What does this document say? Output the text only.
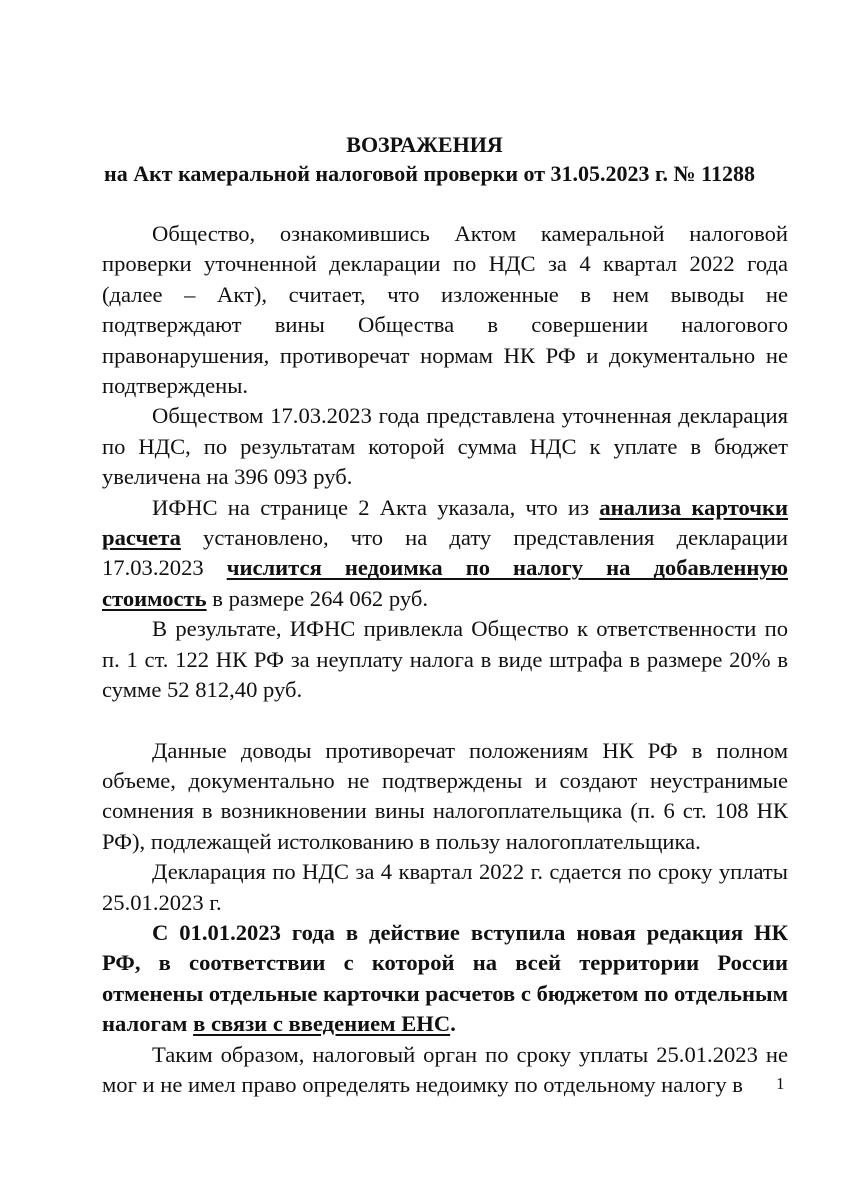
ВОЗРАЖЕНИЯ
на Акт камеральной налоговой проверки от 31.05.2023 г. № 11288

Общество, ознакомившись Актом камеральной налоговой проверки уточненной декларации по НДС за 4 квартал 2022 года (далее – Акт), считает, что изложенные в нем выводы не подтверждают вины Общества в совершении налогового правонарушения, противоречат нормам НК РФ и документально не подтверждены.

Обществом 17.03.2023 года представлена уточненная декларация по НДС, по результатам которой сумма НДС к уплате в бюджет увеличена на 396 093 руб.

ИФНС на странице 2 Акта указала, что из анализа карточки расчета установлено, что на дату представления декларации 17.03.2023 числится недоимка по налогу на добавленную стоимость в размере 264 062 руб.

В результате, ИФНС привлекла Общество к ответственности по п. 1 ст. 122 НК РФ за неуплату налога в виде штрафа в размере 20% в сумме 52 812,40 руб.

Данные доводы противоречат положениям НК РФ в полном объеме, документально не подтверждены и создают неустранимые сомнения в возникновении вины налогоплательщика (п. 6 ст. 108 НК РФ), подлежащей истолкованию в пользу налогоплательщика.

Декларация по НДС за 4 квартал 2022 г. сдается по сроку уплаты 25.01.2023 г.

С 01.01.2023 года в действие вступила новая редакция НК РФ, в соответствии с которой на всей территории России отменены отдельные карточки расчетов с бюджетом по отдельным налогам в связи с введением ЕНС.

Таким образом, налоговый орган по сроку уплаты 25.01.2023 не мог и не имел право определять недоимку по отдельному налогу в	1
